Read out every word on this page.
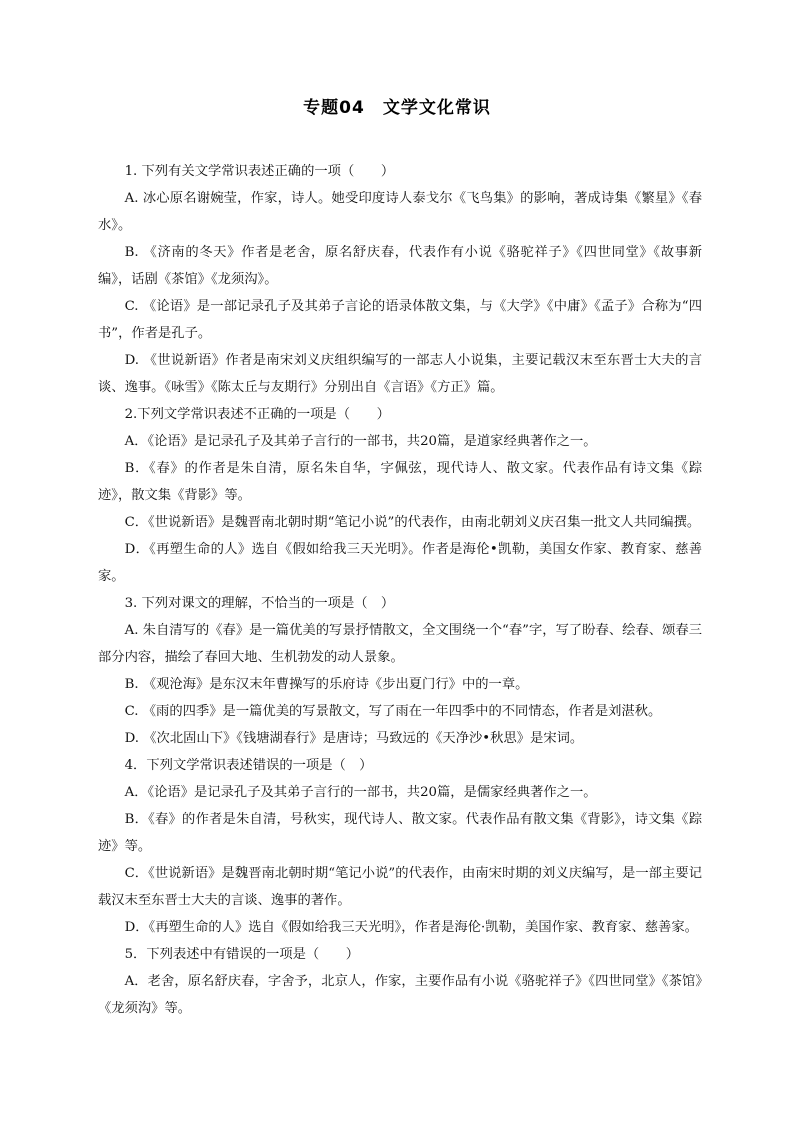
专题04　文学文化常识

1. 下列有关文学常识表述正确的一项（　　）

A. 冰心原名谢婉莹，作家，诗人。她受印度诗人泰戈尔《飞鸟集》的影响，著成诗集《繁星》《春水》。

B. 《济南的冬天》作者是老舍，原名舒庆春，代表作有小说《骆驼祥子》《四世同堂》《故事新编》，话剧《茶馆》《龙须沟》。

C. 《论语》是一部记录孔子及其弟子言论的语录体散文集，与《大学》《中庸》《孟子》合称为“四书”，作者是孔子。

D. 《世说新语》作者是南宋刘义庆组织编写的一部志人小说集，主要记载汉末至东晋士大夫的言谈、逸事。《咏雪》《陈太丘与友期行》分别出自《言语》《方正》篇。

2.下列文学常识表述不正确的一项是（　　）

A．《论语》是记录孔子及其弟子言行的一部书，共20篇，是道家经典著作之一。

B．《春》的作者是朱自清，原名朱自华，字佩弦，现代诗人、散文家。代表作品有诗文集《踪迹》，散文集《背影》等。

C．《世说新语》是魏晋南北朝时期“笔记小说”的代表作，由南北朝刘义庆召集一批文人共同编撰。

D．《再塑生命的人》选自《假如给我三天光明》。作者是海伦•凯勒，美国女作家、教育家、慈善家。

3. 下列对课文的理解，不恰当的一项是（　）

A. 朱自清写的《春》是一篇优美的写景抒情散文，全文围绕一个“春”字，写了盼春、绘春、颂春三部分内容，描绘了春回大地、生机勃发的动人景象。

B. 《观沧海》是东汉末年曹操写的乐府诗《步出夏门行》中的一章。

C. 《雨的四季》是一篇优美的写景散文，写了雨在一年四季中的不同情态，作者是刘湛秋。

D. 《次北固山下》《钱塘湖春行》是唐诗；马致远的《天净沙•秋思》是宋词。

4．下列文学常识表述错误的一项是（　）

A．《论语》是记录孔子及其弟子言行的一部书，共20篇，是儒家经典著作之一。

B．《春》的作者是朱自清，号秋实，现代诗人、散文家。代表作品有散文集《背影》，诗文集《踪迹》等。

C．《世说新语》是魏晋南北朝时期“笔记小说”的代表作，由南宋时期的刘义庆编写，是一部主要记载汉末至东晋士大夫的言谈、逸事的著作。

D．《再塑生命的人》选自《假如给我三天光明》，作者是海伦·凯勒，美国作家、教育家、慈善家。

5．下列表述中有错误的一项是（　　）

A．老舍，原名舒庆春，字舍予，北京人，作家，主要作品有小说《骆驼祥子》《四世同堂》《茶馆》《龙须沟》等。
